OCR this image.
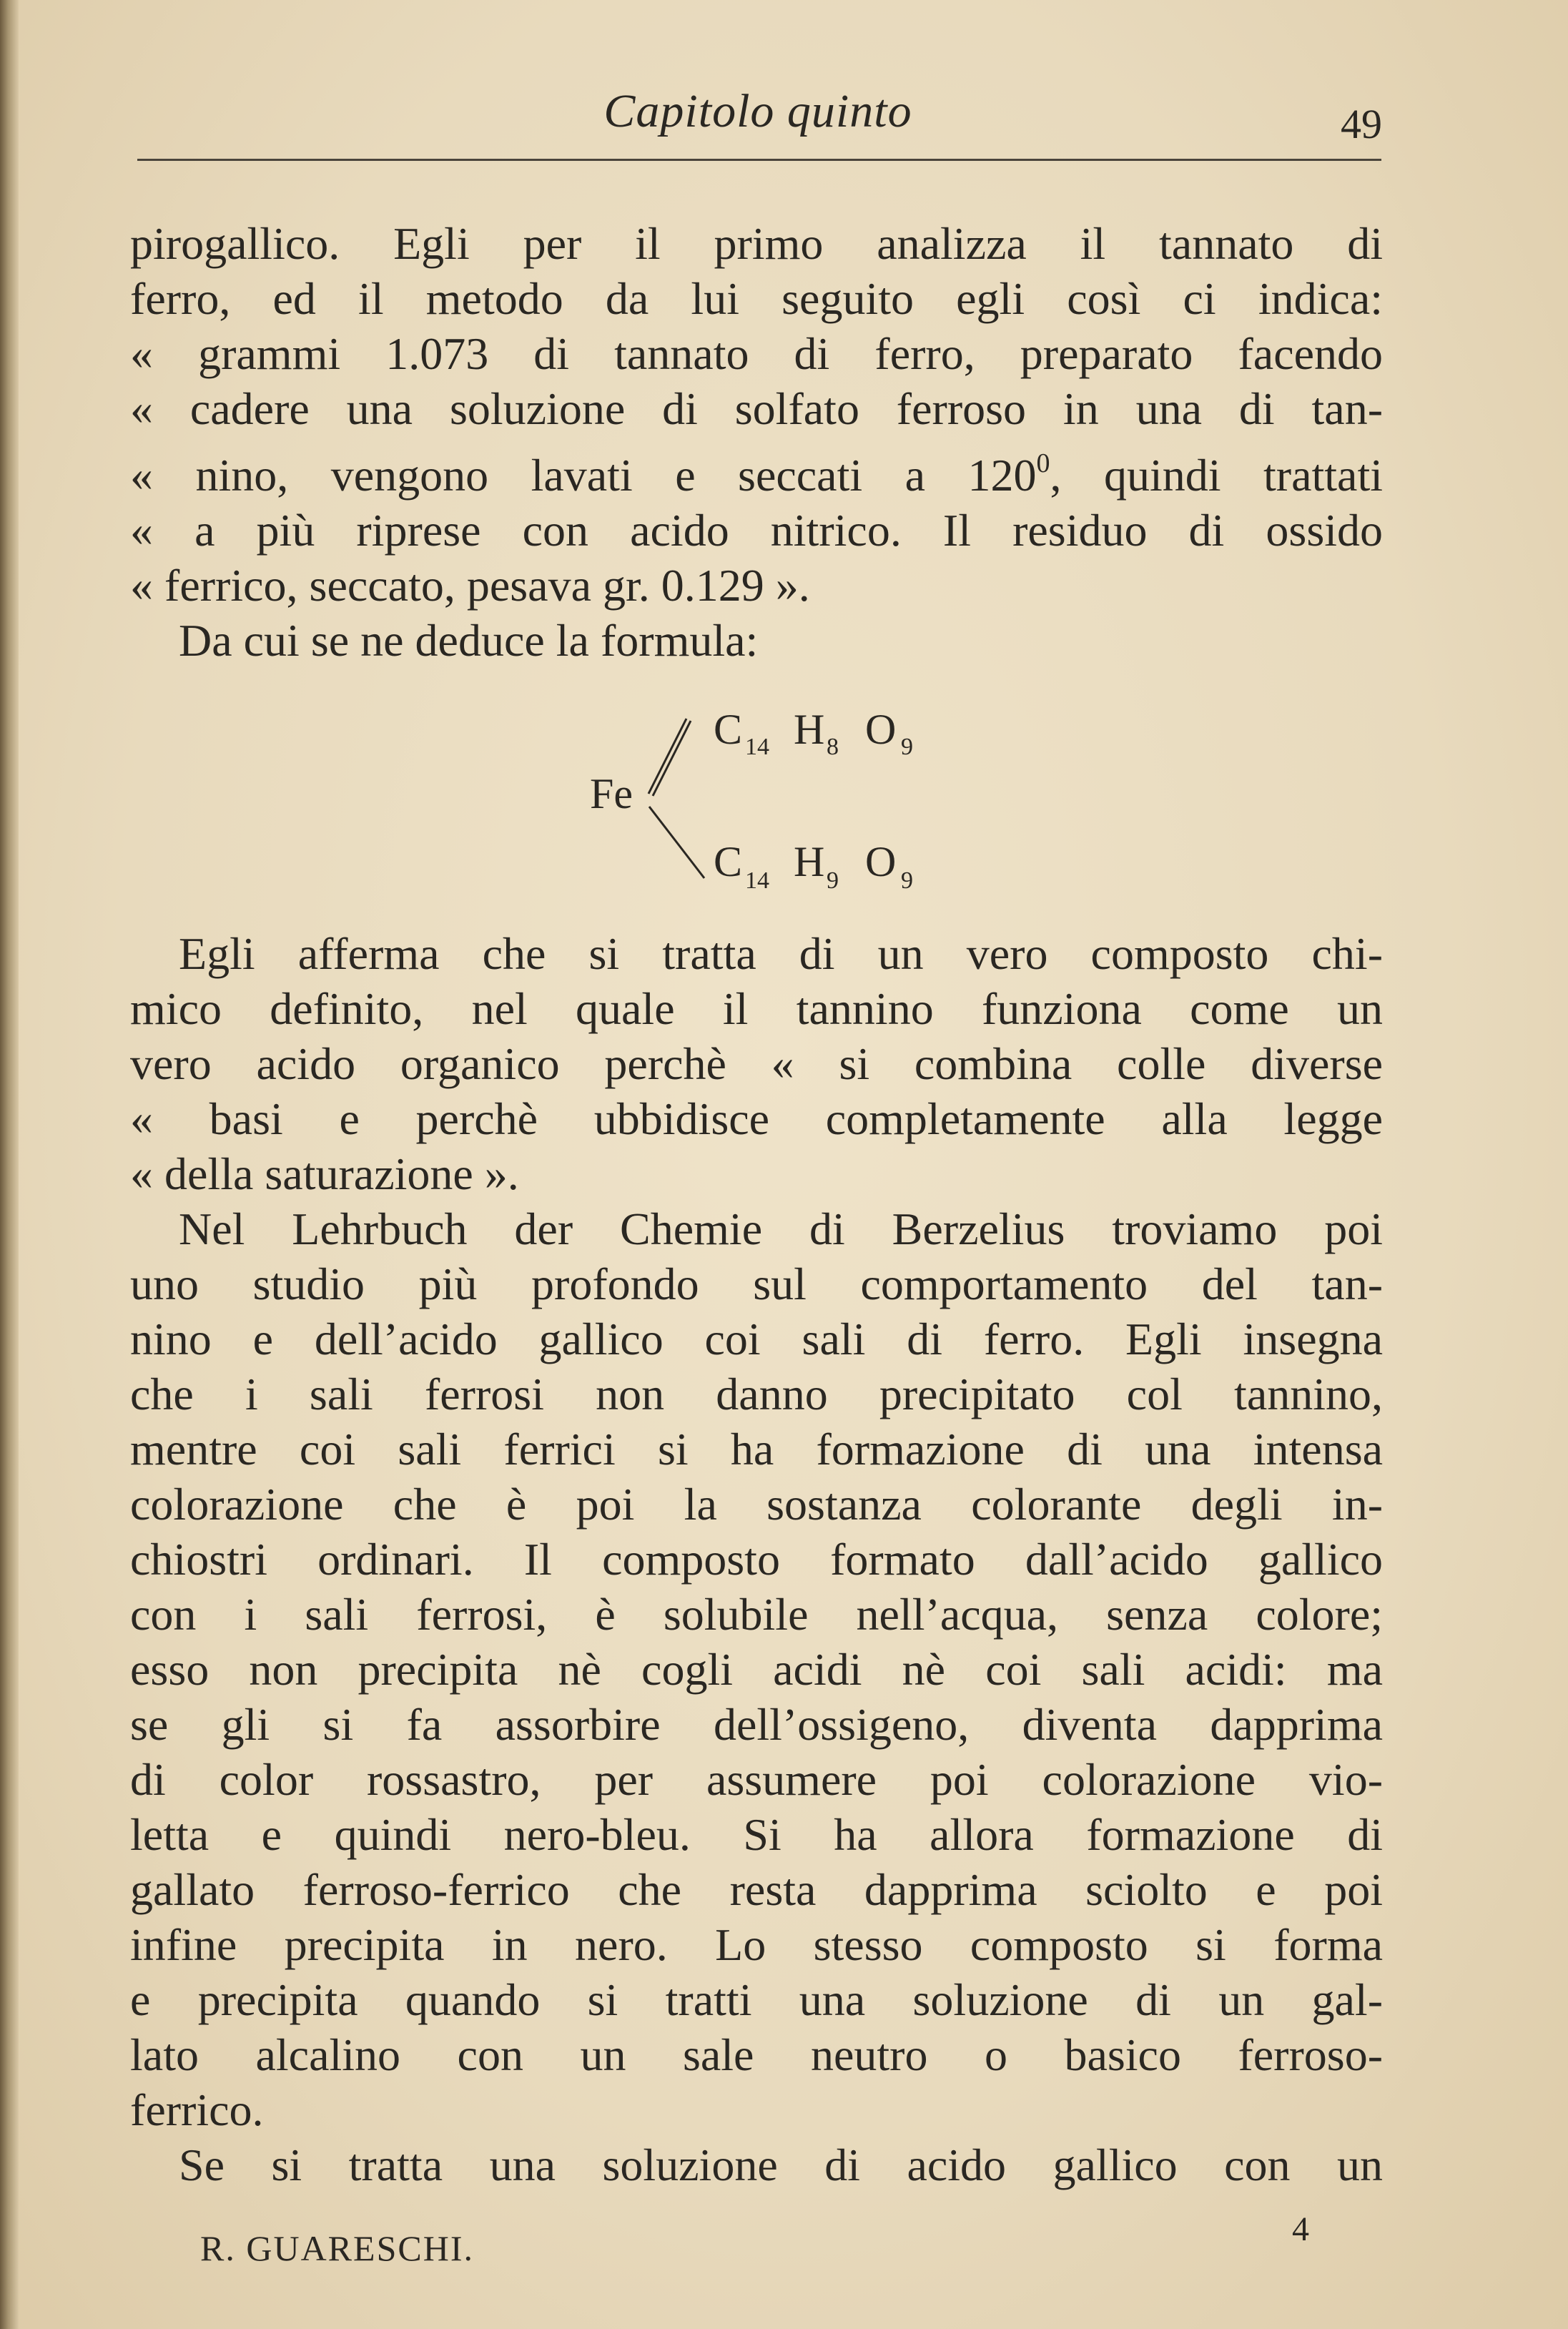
Capitolo quinto	49
pirogallico. Egli per il primo analizza il tannato di
ferro, ed il metodo da lui seguito egli così ci indica:
« grammi 1.073 di tannato di ferro, preparato facendo
« cadere una soluzione di solfato ferroso in una di tan-
« nino, vengono lavati e seccati a $120^0$, quindi trattati
« a più riprese con acido nitrico. Il residuo di ossido
« ferrico, seccato, pesava gr. 0.129 ».
Da cui se ne deduce la formula:
Fe
C 14 H 8 O 9
C 14 H 9 O 9
Egli afferma che si tratta di un vero composto chi-
mico definito, nel quale il tannino funziona come un
vero acido organico perchè « si combina colle diverse
« basi e perchè ubbidisce completamente alla legge
« della saturazione ».
Nel Lehrbuch der Chemie di Berzelius troviamo poi
uno studio più profondo sul comportamento del tan-
nino e dell’acido gallico coi sali di ferro. Egli insegna
che i sali ferrosi non danno precipitato col tannino,
mentre coi sali ferrici si ha formazione di una intensa
colorazione che è poi la sostanza colorante degli in-
chiostri ordinari. Il composto formato dall’acido gallico
con i sali ferrosi, è solubile nell’acqua, senza colore;
esso non precipita nè cogli acidi nè coi sali acidi: ma
se gli si fa assorbire dell’ossigeno, diventa dapprima
di color rossastro, per assumere poi colorazione vio-
letta e quindi nero-bleu. Si ha allora formazione di
gallato ferroso-ferrico che resta dapprima sciolto e poi
infine precipita in nero. Lo stesso composto si forma
e precipita quando si tratti una soluzione di un gal-
lato alcalino con un sale neutro o basico ferroso-
ferrico.
Se si tratta una soluzione di acido gallico con un
R. GUARESCHI.	4
